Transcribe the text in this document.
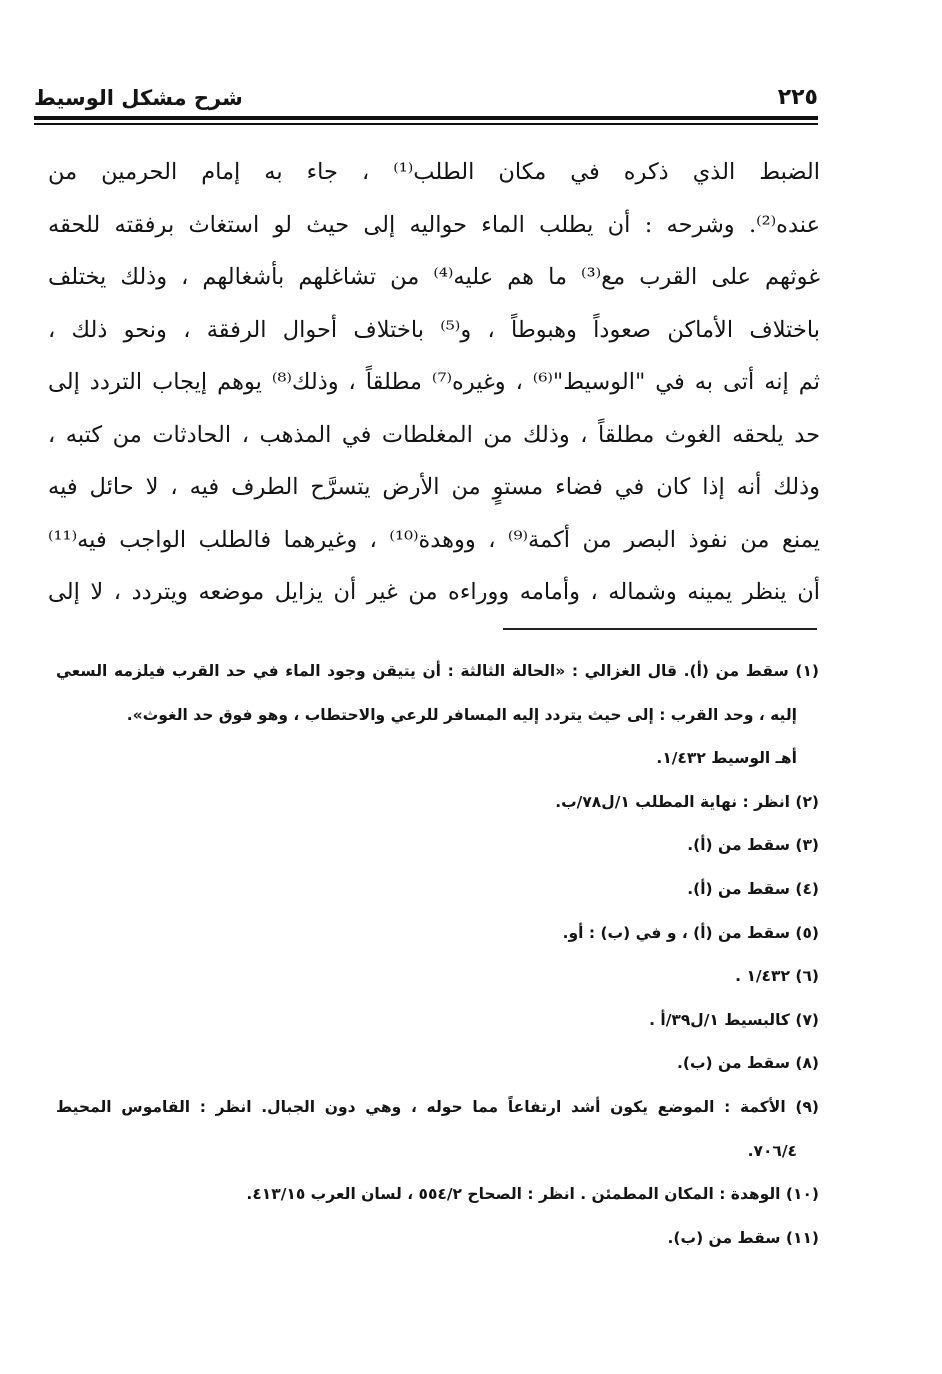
٢٢٥
شرح مشكل الوسيط
الضبط الذي ذكره في مكان الطلب⁽¹⁾ ، جاء به إمام الحرمين من
عنده⁽²⁾. وشرحه : أن يطلب الماء حواليه إلى حيث لو استغاث برفقته للحقه
غوثهم على القرب مع⁽³⁾ ما هم عليه⁽⁴⁾ من تشاغلهم بأشغالهم ، وذلك يختلف
باختلاف الأماكن صعوداً وهبوطاً ، و⁽⁵⁾ باختلاف أحوال الرفقة ، ونحو ذلك ،
ثم إنه أتى به في "الوسيط"⁽⁶⁾ ، وغيره⁽⁷⁾ مطلقاً ، وذلك⁽⁸⁾ يوهم إيجاب التردد إلى
حد يلحقه الغوث مطلقاً ، وذلك من المغلطات في المذهب ، الحادثات من كتبه ،
وذلك أنه إذا كان في فضاء مستوٍ من الأرض يتسرَّح الطرف فيه ، لا حائل فيه
يمنع من نفوذ البصر من أكمة⁽⁹⁾ ، ووهدة⁽¹⁰⁾ ، وغيرهما فالطلب الواجب فيه⁽¹¹⁾
أن ينظر يمينه وشماله ، وأمامه ووراءه من غير أن يزايل موضعه ويتردد ، لا إلى
(١) سقط من (أ). قال الغزالي : «الحالة الثالثة : أن يتيقن وجود الماء في حد القرب فيلزمه السعي
إليه ، وحد القرب : إلى حيث يتردد إليه المسافر للرعي والاحتطاب ، وهو فوق حد الغوث».
أهـ الوسيط ١/٤٣٢.
(٢) انظر : نهاية المطلب ١/ل٧٨/ب.
(٣) سقط من (أ).
(٤) سقط من (أ).
(٥) سقط من (أ) ، و في (ب) : أو.
(٦) ١/٤٣٢ .
(٧) كالبسيط ١/ل٣٩/أ .
(٨) سقط من (ب).
(٩) الأكمة : الموضع يكون أشد ارتفاعاً مما حوله ، وهي دون الجبال. انظر : القاموس المحيط
٧٠٦/٤.
(١٠) الوهدة : المكان المطمئن . انظر : الصحاح ٥٥٤/٢ ، لسان العرب ٤١٣/١٥.
(١١) سقط من (ب).
